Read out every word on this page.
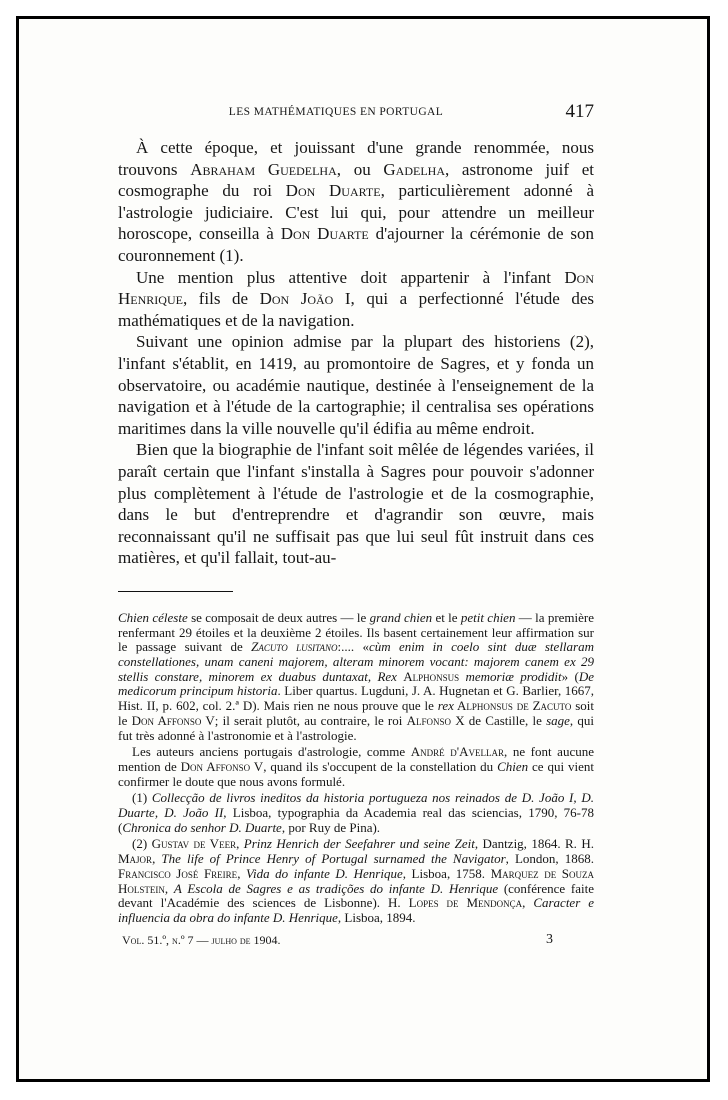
LES MATHÉMATIQUES EN PORTUGAL	417

À cette époque, et jouissant d'une grande renommée, nous trouvons Abraham Guedelha, ou Gadelha, astronome juif et cosmographe du roi Don Duarte, particulièrement adonné à l'astrologie judiciaire. C'est lui qui, pour attendre un meilleur horoscope, conseilla à Don Duarte d'ajourner la cérémonie de son couronnement (1).

Une mention plus attentive doit appartenir à l'infant Don Henrique, fils de Don João I, qui a perfectionné l'étude des mathématiques et de la navigation.

Suivant une opinion admise par la plupart des historiens (2), l'infant s'établit, en 1419, au promontoire de Sagres, et y fonda un observatoire, ou académie nautique, destinée à l'enseignement de la navigation et à l'étude de la cartographie; il centralisa ses opérations maritimes dans la ville nouvelle qu'il édifia au même endroit.

Bien que la biographie de l'infant soit mêlée de légendes variées, il paraît certain que l'infant s'installa à Sagres pour pouvoir s'adonner plus complètement à l'étude de l'astrologie et de la cosmographie, dans le but d'entreprendre et d'agrandir son œuvre, mais reconnaissant qu'il ne suffisait pas que lui seul fût instruit dans ces matières, et qu'il fallait, tout-au-

Chien céleste se composait de deux autres — le grand chien et le petit chien — la première renfermant 29 étoiles et la deuxième 2 étoiles. Ils basent certainement leur affirmation sur le passage suivant de Zacuto lusitano:.... «cùm enim in coelo sint duæ stellaram constellationes, unam caneni majorem, alteram minorem vocant: majorem canem ex 29 stellis constare, minorem ex duabus duntaxat, Rex Alphonsus memoriæ prodidit» (De medicorum principum historia. Liber quartus. Lugduni, J. A. Hugnetan et G. Barlier, 1667, Hist. II, p. 602, col. 2.ª D). Mais rien ne nous prouve que le rex Alphonsus de Zacuto soit le Don Affonso V; il serait plutôt, au contraire, le roi Alfonso X de Castille, le sage, qui fut très adonné à l'astronomie et à l'astrologie.

Les auteurs anciens portugais d'astrologie, comme André d'Avellar, ne font aucune mention de Don Affonso V, quand ils s'occupent de la constellation du Chien ce qui vient confirmer le doute que nous avons formulé.

(1) Collecção de livros ineditos da historia portugueza nos reinados de D. João I, D. Duarte, D. João II, Lisboa, typographia da Academia real das sciencias, 1790, 76-78 (Chronica do senhor D. Duarte, por Ruy de Pina).

(2) Gustav de Veer, Prinz Henrich der Seefahrer und seine Zeit, Dantzig, 1864. R. H. Major, The life of Prince Henry of Portugal surnamed the Navigator, London, 1868. Francisco José Freire, Vida do infante D. Henrique, Lisboa, 1758. Marquez de Souza Holstein, A Escola de Sagres e as tradições do infante D. Henrique (conférence faite devant l'Académie des sciences de Lisbonne). H. Lopes de Mendonça, Caracter e influencia da obra do infante D. Henrique, Lisboa, 1894.

Vol. 51.º, n.º 7 — julho de 1904.	3
